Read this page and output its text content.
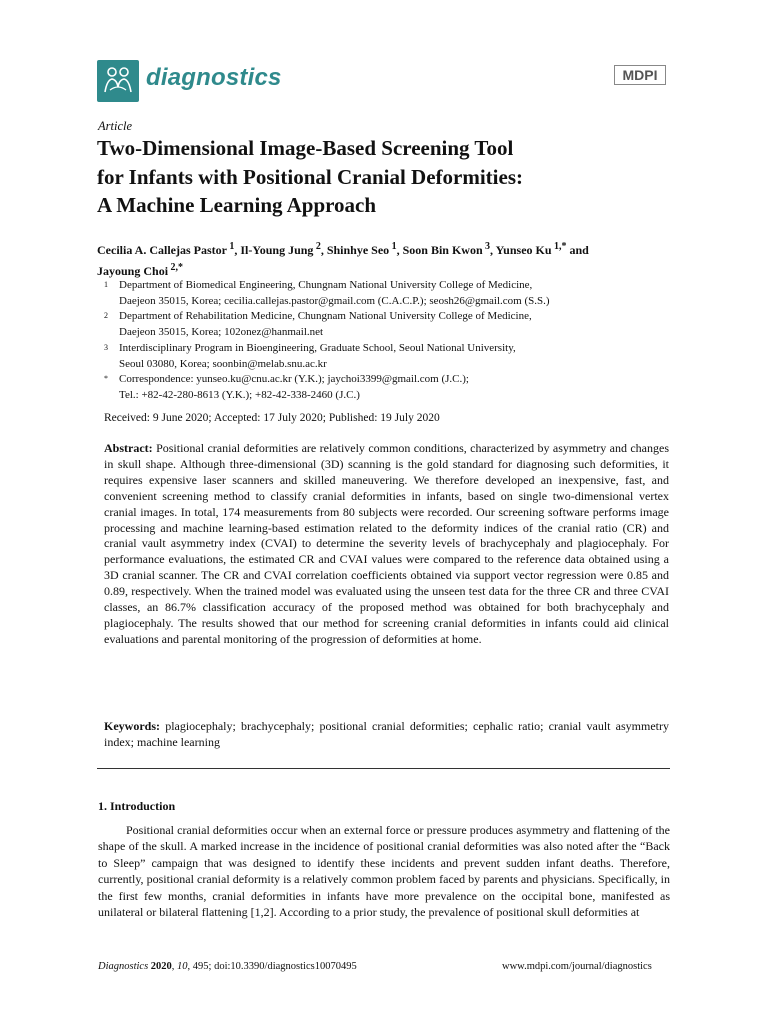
diagnostics	MDPI
Article
Two-Dimensional Image-Based Screening Tool
for Infants with Positional Cranial Deformities:
A Machine Learning Approach
Cecilia A. Callejas Pastor  $^1$, Il-Young Jung  $^2$, Shinhye Seo  $^1$, Soon Bin Kwon  $^3$, Yunseo Ku  $^{1,*}$ and
Jayoung Choi  $^{2,*}$
1 Department of Biomedical Engineering, Chungnam National University College of Medicine,
Daejeon 35015, Korea; cecilia.callejas.pastor@gmail.com (C.A.C.P.); seosh26@gmail.com (S.S.)
2 Department of Rehabilitation Medicine, Chungnam National University College of Medicine,
Daejeon 35015, Korea; 102onez@hanmail.net
3 Interdisciplinary Program in Bioengineering, Graduate School, Seoul National University,
Seoul 03080, Korea; soonbin@melab.snu.ac.kr
* Correspondence: yunseo.ku@cnu.ac.kr (Y.K.); jaychoi3399@gmail.com (J.C.);
Tel.: +82-42-280-8613 (Y.K.); +82-42-338-2460 (J.C.)
Received: 9 June 2020; Accepted: 17 July 2020; Published: 19 July 2020
Abstract: Positional cranial deformities are relatively common conditions, characterized by asymmetry and changes in skull shape. Although three-dimensional (3D) scanning is the gold standard for diagnosing such deformities, it requires expensive laser scanners and skilled maneuvering. We therefore developed an inexpensive, fast, and convenient screening method to classify cranial deformities in infants, based on single two-dimensional vertex cranial images. In total, 174 measurements from 80 subjects were recorded. Our screening software performs image processing and machine learning-based estimation related to the deformity indices of the cranial ratio (CR) and cranial vault asymmetry index (CVAI) to determine the severity levels of brachycephaly and plagiocephaly. For performance evaluations, the estimated CR and CVAI values were compared to the reference data obtained using a 3D cranial scanner. The CR and CVAI correlation coefficients obtained via support vector regression were 0.85 and 0.89, respectively. When the trained model was evaluated using the unseen test data for the three CR and three CVAI classes, an 86.7% classification accuracy of the proposed method was obtained for both brachycephaly and plagiocephaly. The results showed that our method for screening cranial deformities in infants could aid clinical evaluations and parental monitoring of the progression of deformities at home.
Keywords: plagiocephaly; brachycephaly; positional cranial deformities; cephalic ratio; cranial vault asymmetry index; machine learning
1. Introduction
Positional cranial deformities occur when an external force or pressure produces asymmetry and flattening of the shape of the skull. A marked increase in the incidence of positional cranial deformities was also noted after the “Back to Sleep” campaign that was designed to identify these incidents and prevent sudden infant deaths. Therefore, currently, positional cranial deformity is a relatively common problem faced by parents and physicians. Specifically, in the first few months, cranial deformities in infants have more prevalence on the occipital bone, manifested as unilateral or bilateral flattening [1,2]. According to a prior study, the prevalence of positional skull deformities at
Diagnostics 2020, 10, 495; doi:10.3390/diagnostics10070495	www.mdpi.com/journal/diagnostics
